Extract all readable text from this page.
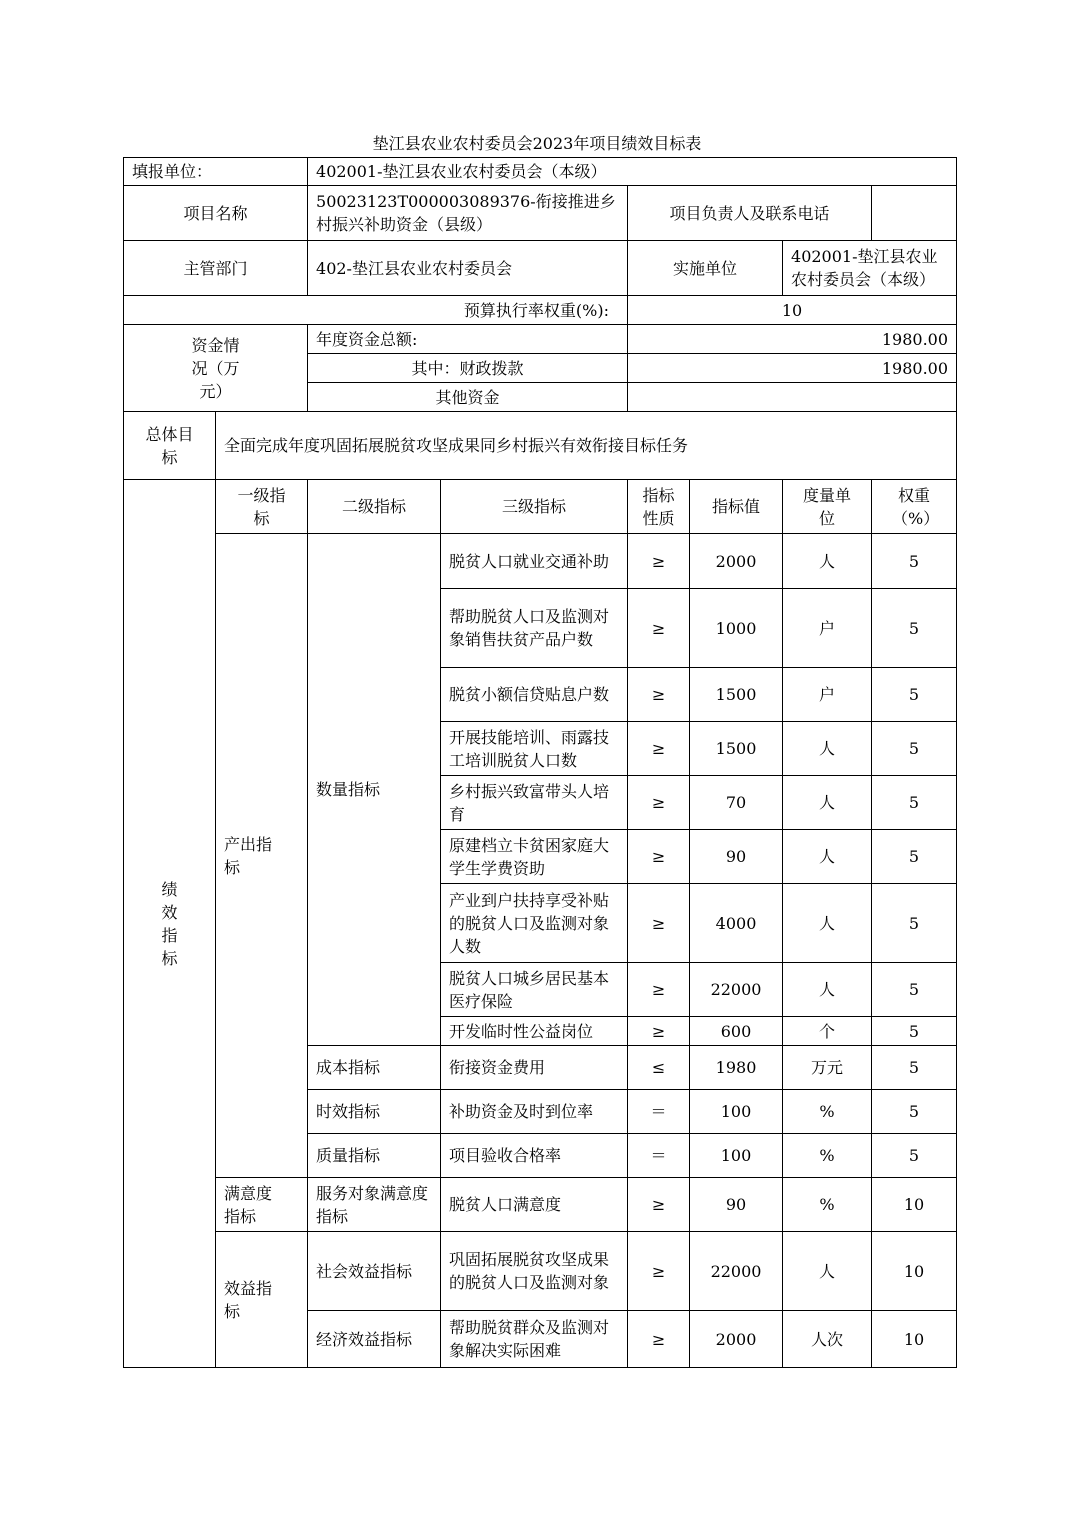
垫江县农业农村委员会2023年项目绩效目标表
填报单位：		402001-垫江县农业农村委员会（本级）					
项目名称		50023123T000003089376-衔接推进乡村振兴补助资金（县级）		项目负责人及联系电话			
主管部门		402-垫江县农业农村委员会		实施单位		402001-垫江县农业农村委员会（本级）	
预算执行率权重(%):				10			
资金情况（万元）		年度资金总额:		1980.00			
		其中：财政拨款		1980.00			
		其他资金					
总体目标	全面完成年度巩固拓展脱贫攻坚成果同乡村振兴有效衔接目标任务						
绩效指标	一级指标	二级指标	三级指标	指标性质	指标值	度量单位	权重（%）
	产出指标	数量指标	脱贫人口就业交通补助	≥	2000	人	5
			帮助脱贫人口及监测对象销售扶贫产品户数	≥	1000	户	5
			脱贫小额信贷贴息户数	≥	1500	户	5
			开展技能培训、雨露技工培训脱贫人口数	≥	1500	人	5
			乡村振兴致富带头人培育	≥	70	人	5
			原建档立卡贫困家庭大学生学费资助	≥	90	人	5
			产业到户扶持享受补贴的脱贫人口及监测对象人数	≥	4000	人	5
			脱贫人口城乡居民基本医疗保险	≥	22000	人	5
			开发临时性公益岗位	≥	600	个	5
		成本指标	衔接资金费用	≤	1980	万元	5
		时效指标	补助资金及时到位率	＝	100	%	5
		质量指标	项目验收合格率	＝	100	%	5
	满意度指标	服务对象满意度指标	脱贫人口满意度	≥	90	%	10
	效益指标	社会效益指标	巩固拓展脱贫攻坚成果的脱贫人口及监测对象	≥	22000	人	10
		经济效益指标	帮助脱贫群众及监测对象解决实际困难	≥	2000	人次	10
